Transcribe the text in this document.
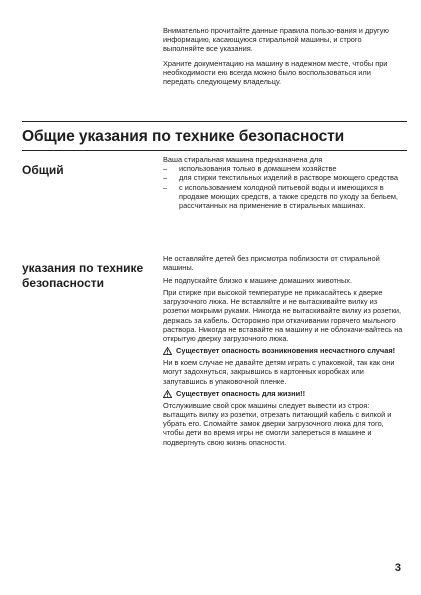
Внимательно прочитайте данные правила пользо-вания и другую информацию, касающуюся стиральной машины, и строго выполняйте все указания.

Храните документацию на машину в надежном месте, чтобы при необходимости ею всегда можно было воспользоваться или передать следующему владельцу.

Общие указания по технике безопасности
Общий

Ваша стиральная машина предназначена для

– использования только в домашнем хозяйстве
– для стирки текстильных изделий в растворе моющего средства
– с использованием холодной питьевой воды и имеющихся в продаже моющих средств, а также средств по уходу за бельем, рассчитанных на применение в стиральных машинах.
указания по технике безопасности

Не оставляйте детей без присмотра поблизости от стиральной машины.

Не подпускайте близко к машине домашних животных.

При стирке при высокой температуре не прикасайтесь к дверке загрузочного люка. Не вставляйте и не вытаскивайте вилку из розетки мокрыми руками. Никогда не вытаскивайте вилку из розетки, держась за кабель. Осторожно при откачивании горячего мыльного раствора. Никогда не вставайте на машину и не облокачи-вайтесь на открытую дверку загрузочного люка.

Существует опасность возникновения несчастного случая!

Ни в коем случае не давайте детям играть с упаковкой, так как они могут задохнуться, закрывшись в картонных коробках или запутавшись в упаковочной пленке.

Существует опасность для жизни!!

Отслужившие свой срок машины следует вывести из строя: вытащить вилку из розетки, отрезать питающий кабель с вилкой и убрать его. Сломайте замок дверки загрузочного люка для того, чтобы дети во время игры не смогли запереться в машине и подвергнуть свою жизнь опасности.

3
